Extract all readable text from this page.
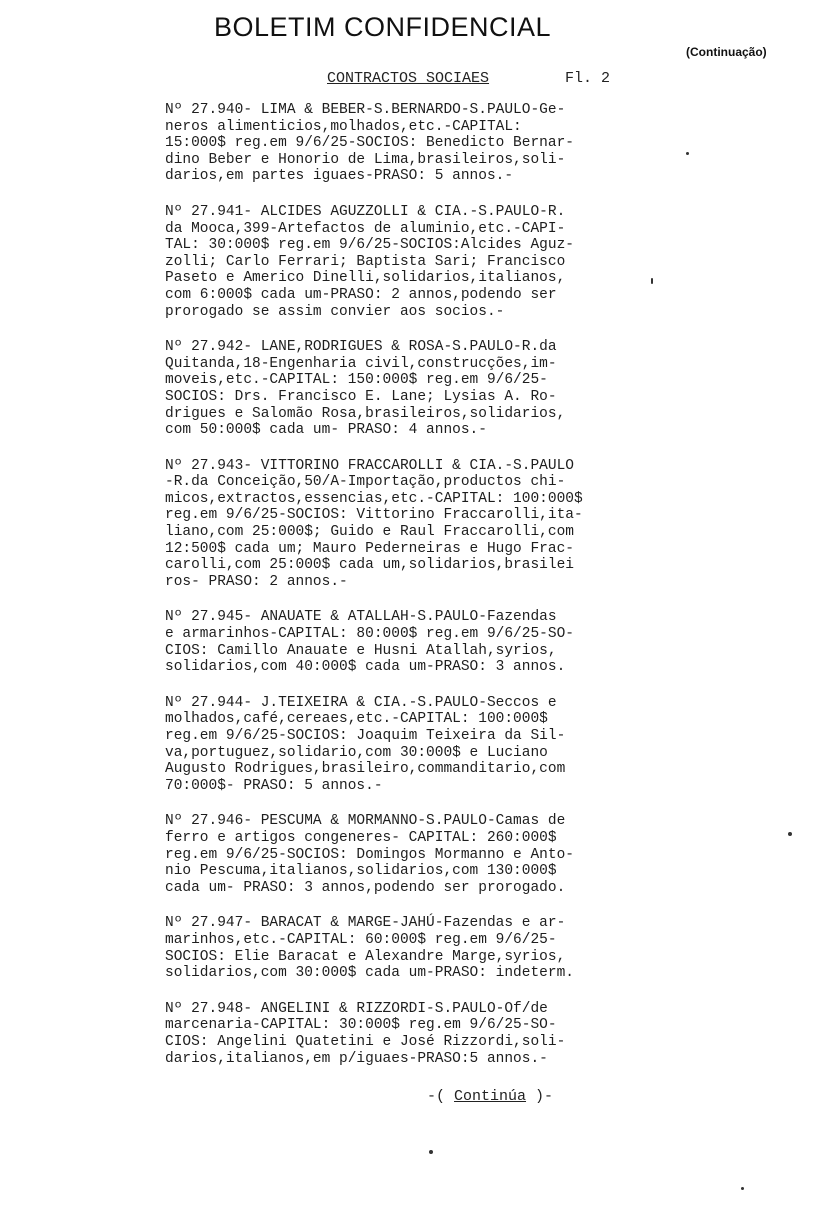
BOLETIM CONFIDENCIAL
(Continuação)
CONTRACTOS SOCIAES	Fl. 2
Nº 27.940- LIMA & BEBER-S.BERNARDO-S.PAULO-Ge-
neros alimenticios,molhados,etc.-CAPITAL:
15:000$ reg.em 9/6/25-SOCIOS: Benedicto Bernar-
dino Beber e Honorio de Lima,brasileiros,soli-
darios,em partes iguaes-PRASO: 5 annos.-
Nº 27.941- ALCIDES AGUZZOLLI & CIA.-S.PAULO-R.
da Mooca,399-Artefactos de aluminio,etc.-CAPI-
TAL: 30:000$ reg.em 9/6/25-SOCIOS:Alcides Aguz-
zolli; Carlo Ferrari; Baptista Sari; Francisco
Paseto e Americo Dinelli,solidarios,italianos,
com 6:000$ cada um-PRASO: 2 annos,podendo ser
prorogado se assim convier aos socios.-
Nº 27.942- LANE,RODRIGUES & ROSA-S.PAULO-R.da
Quitanda,18-Engenharia civil,construcções,im-
moveis,etc.-CAPITAL: 150:000$ reg.em 9/6/25-
SOCIOS: Drs. Francisco E. Lane; Lysias A. Ro-
drigues e Salomão Rosa,brasileiros,solidarios,
com 50:000$ cada um- PRASO: 4 annos.-
Nº 27.943- VITTORINO FRACCAROLLI & CIA.-S.PAULO
-R.da Conceição,50/A-Importação,productos chi-
micos,extractos,essencias,etc.-CAPITAL: 100:000$
reg.em 9/6/25-SOCIOS: Vittorino Fraccarolli,ita-
liano,com 25:000$; Guido e Raul Fraccarolli,com
12:500$ cada um; Mauro Pederneiras e Hugo Frac-
carolli,com 25:000$ cada um,solidarios,brasilei
ros- PRASO: 2 annos.-
Nº 27.945- ANAUATE & ATALLAH-S.PAULO-Fazendas
e armarinhos-CAPITAL: 80:000$ reg.em 9/6/25-SO-
CIOS: Camillo Anauate e Husni Atallah,syrios,
solidarios,com 40:000$ cada um-PRASO: 3 annos.
Nº 27.944- J.TEIXEIRA & CIA.-S.PAULO-Seccos e
molhados,café,cereaes,etc.-CAPITAL: 100:000$
reg.em 9/6/25-SOCIOS: Joaquim Teixeira da Sil-
va,portuguez,solidario,com 30:000$ e Luciano
Augusto Rodrigues,brasileiro,commanditario,com
70:000$- PRASO: 5 annos.-
Nº 27.946- PESCUMA & MORMANNO-S.PAULO-Camas de
ferro e artigos congeneres- CAPITAL: 260:000$
reg.em 9/6/25-SOCIOS: Domingos Mormanno e Anto-
nio Pescuma,italianos,solidarios,com 130:000$
cada um- PRASO: 3 annos,podendo ser prorogado.
Nº 27.947- BARACAT & MARGE-JAHÚ-Fazendas e ar-
marinhos,etc.-CAPITAL: 60:000$ reg.em 9/6/25-
SOCIOS: Elie Baracat e Alexandre Marge,syrios,
solidarios,com 30:000$ cada um-PRASO: indeterm.
Nº 27.948- ANGELINI & RIZZORDI-S.PAULO-Of/de
marcenaria-CAPITAL: 30:000$ reg.em 9/6/25-SO-
CIOS: Angelini Quatetini e José Rizzordi,soli-
darios,italianos,em p/iguaes-PRASO:5 annos.-
-( Continúa )-
